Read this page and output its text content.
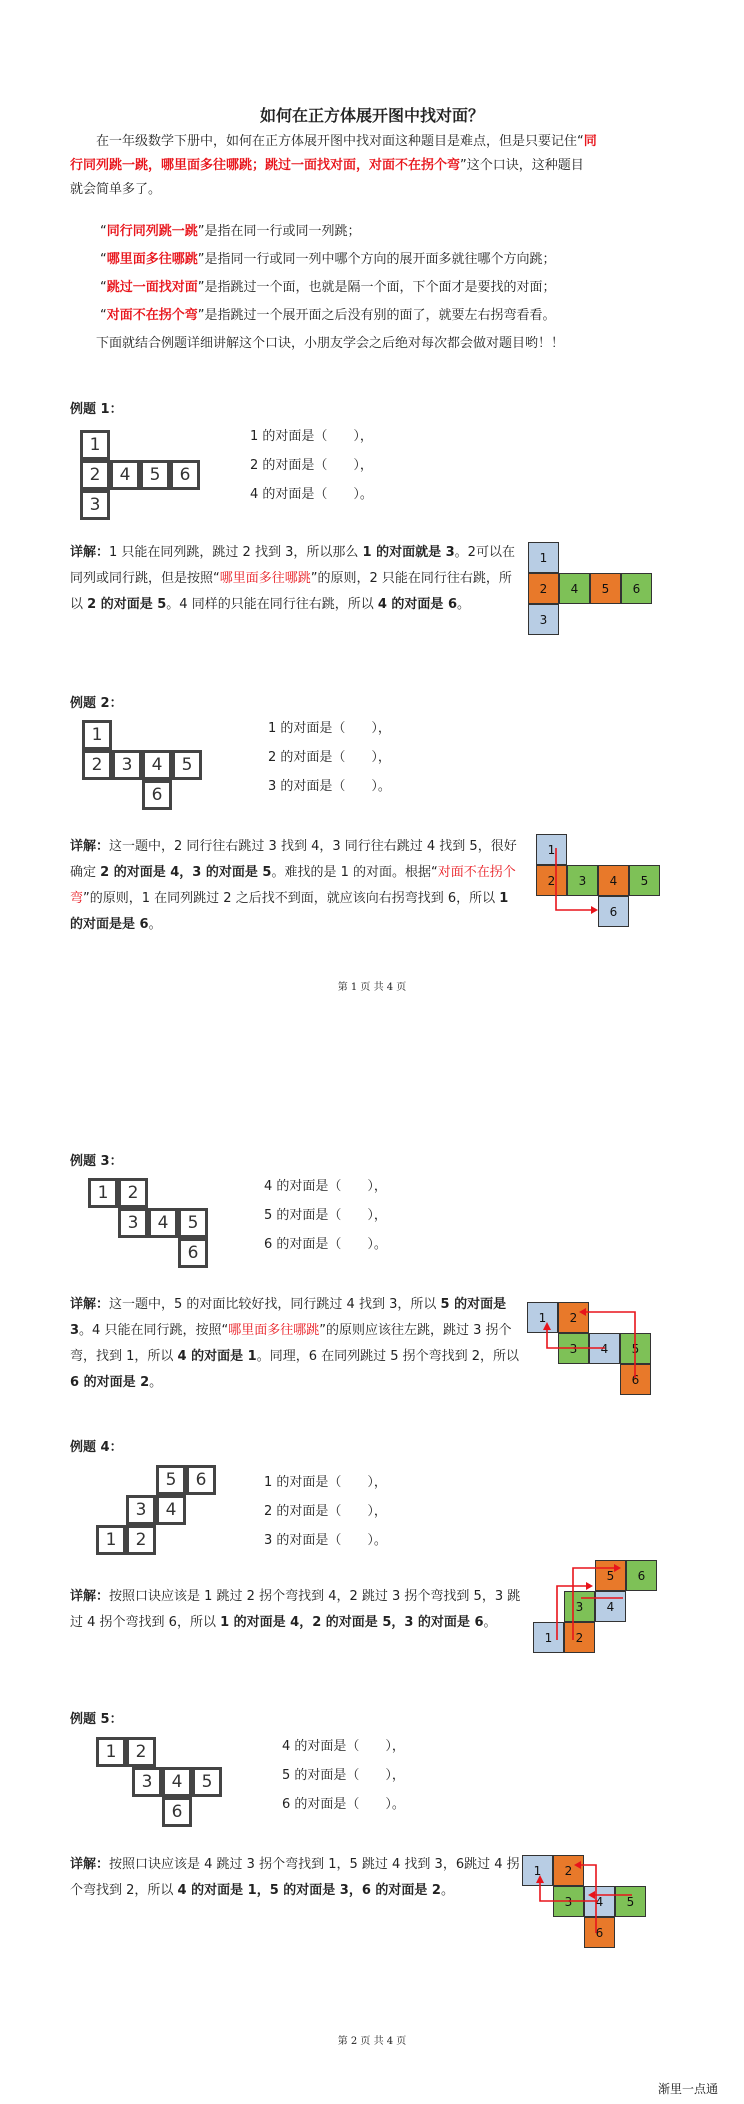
如何在正方体展开图中找对面？
在一年级数学下册中，如何在正方体展开图中找对面这种题目是难点，但是只要记住“同
行同列跳一跳，哪里面多往哪跳；跳过一面找对面，对面不在拐个弯”这个口诀，这种题目
就会简单多了。
“同行同列跳一跳”是指在同一行或同一列跳；
“哪里面多往哪跳”是指同一行或同一列中哪个方向的展开面多就往哪个方向跳；
“跳过一面找对面”是指跳过一个面，也就是隔一个面，下个面才是要找的对面；
“对面不在拐个弯”是指跳过一个展开面之后没有别的面了，就要左右拐弯看看。
下面就结合例题详细讲解这个口诀，小朋友学会之后绝对每次都会做对题目哟！！
例题 1：
1
2	4	5	6
3
1 的对面是（　　），
2 的对面是（　　），
4 的对面是（　　）。
详解：1 只能在同列跳，跳过 2 找到 3，所以那么 1 的对面就是 3。2可以在同列或同行跳，但是按照“哪里面多往哪跳”的原则，2 只能在同行往右跳，所以 2 的对面是 5。4 同样的只能在同行往右跳，所以 4 的对面是 6。
1
2	4	5	6
3
例题 2：
1
2	3	4	5
6
1 的对面是（　　），
2 的对面是（　　），
3 的对面是（　　）。
详解：这一题中，2 同行往右跳过 3 找到 4，3 同行往右跳过 4 找到 5，很好确定 2 的对面是 4，3 的对面是 5。难找的是 1 的对面。根据“对面不在拐个弯”的原则，1 在同列跳过 2 之后找不到面，就应该向右拐弯找到 6，所以 1 的对面是是 6。
1
2	3	4	5
6
第 1 页 共 4 页
例题 3：
1	2
3	4	5
6
4 的对面是（　　），
5 的对面是（　　），
6 的对面是（　　）。
详解：这一题中，5 的对面比较好找，同行跳过 4 找到 3，所以 5 的对面是 3。4 只能在同行跳，按照“哪里面多往哪跳”的原则应该往左跳，跳过 3 拐个弯，找到 1，所以 4 的对面是 1。同理，6 在同列跳过 5 拐个弯找到 2，所以 6 的对面是 2。
1	2
3	4	5
6
例题 4：
5	6
3	4
1	2
1 的对面是（　　），
2 的对面是（　　），
3 的对面是（　　）。
详解：按照口诀应该是 1 跳过 2 拐个弯找到 4，2 跳过 3 拐个弯找到 5，3 跳过 4 拐个弯找到 6，所以 1 的对面是 4，2 的对面是 5，3 的对面是 6。
5	6
3	4
1	2
例题 5：
1	2
3	4	5
6
4 的对面是（　　），
5 的对面是（　　），
6 的对面是（　　）。
详解：按照口诀应该是 4 跳过 3 拐个弯找到 1，5 跳过 4 找到 3，6跳过 4 拐个弯找到 2，所以 4 的对面是 1，5 的对面是 3，6 的对面是 2。
1	2
3	4	5
6
第 2 页 共 4 页
渐里一点通
